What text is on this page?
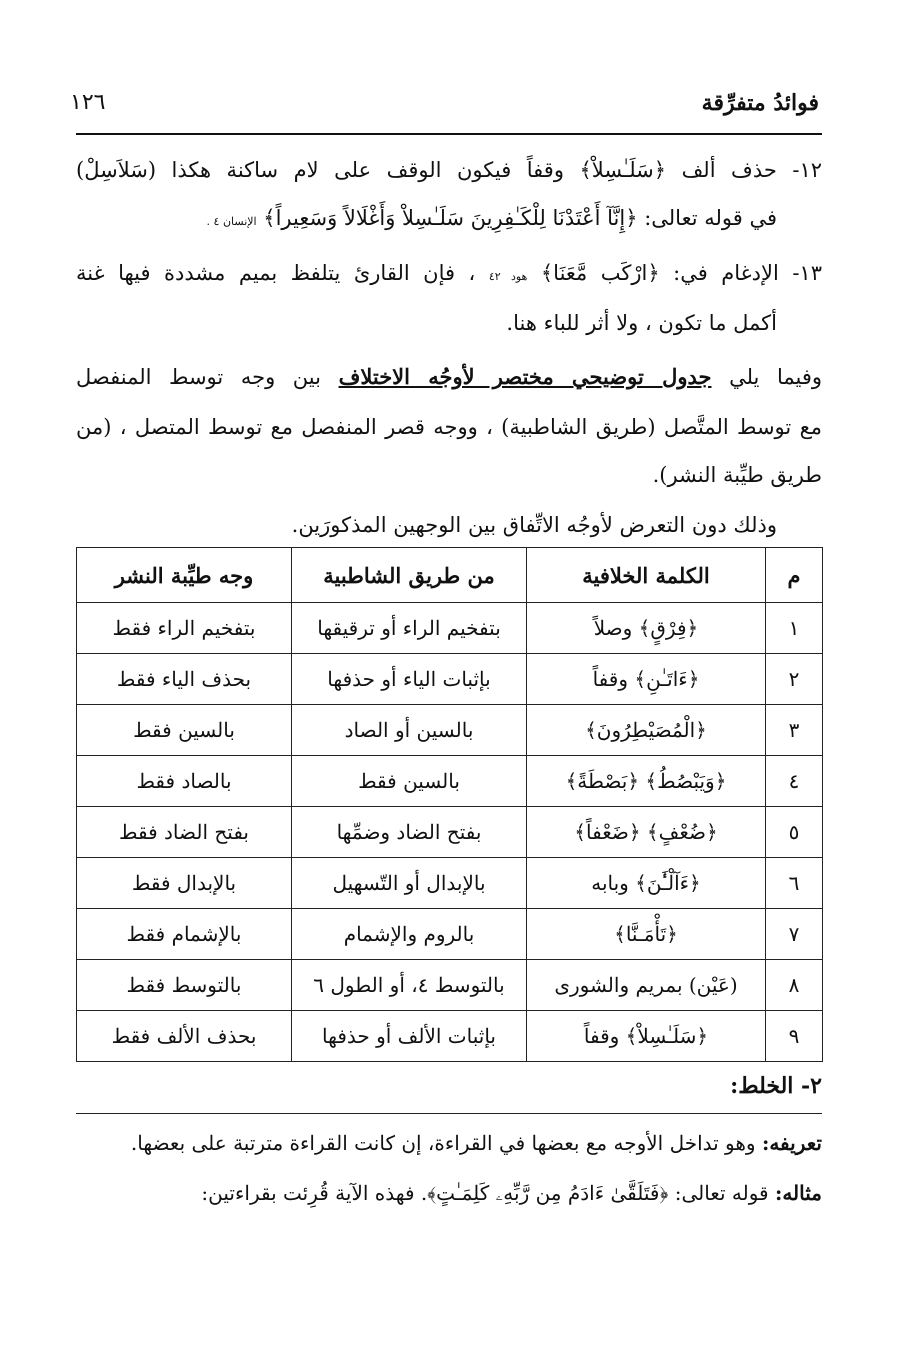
فوائدُ متفرِّقة
١٢٦
١٢- حذف ألف ﴿سَلَـٰسِلاْ﴾ وقفاً فيكون الوقف على لام ساكنة هكذا (سَلاَسِلْ)
في قوله تعالى: ﴿إِنَّآ أَعْتَدْنَا لِلْكَـٰفِرِينَ سَلَـٰسِلاْ وَأَغْلَالاً وَسَعِيراً﴾ الإنسان ٤ .
١٣- الإدغام في: ﴿ارْكَب مَّعَنَا﴾ هود ٤٢ ، فإن القارئ يتلفظ بميم مشددة فيها غنة
أكمل ما تكون ، ولا أثر للباء هنا.
وفيما يلي جدول توضيحي مختصر لأوجُه الاختلاف بين وجه توسط المنفصل
مع توسط المتَّصل (طريق الشاطبية) ، ووجه قصر المنفصل مع توسط المتصل ، (من
طريق طيِّبة النشر).
وذلك دون التعرض لأوجُه الاتِّفاق بين الوجهين المذكورَين.
م	الكلمة الخلافية	من طريق الشاطبية	وجه طيِّبة النشر
١	﴿فِرْقٍ﴾ وصلاً	بتفخيم الراء أو ترقيقها	بتفخيم الراء فقط
٢	﴿ءَاتَـٰنِ﴾ وقفاً	بإثبات الياء أو حذفها	بحذف الياء فقط
٣	﴿الْمُصَيْطِرُونَ﴾	بالسين أو الصاد	بالسين فقط
٤	﴿وَيَبْصُطُ﴾ ﴿بَصْطَةً﴾	بالسين فقط	بالصاد فقط
٥	﴿ضُعْفٍ﴾ ﴿ضَعْفاً﴾	بفتح الضاد وضمِّها	بفتح الضاد فقط
٦	﴿ءَآلْـَٰٔنَ﴾ وبابه	بالإبدال أو التّسهيل	بالإبدال فقط
٧	﴿تَأْمَـنَّا﴾	بالروم والإشمام	بالإشمام فقط
٨	(عَيْن) بمريم والشورى	بالتوسط ٤، أو الطول ٦	بالتوسط فقط
٩	﴿سَلَـٰسِلاْ﴾ وقفاً	بإثبات الألف أو حذفها	بحذف الألف فقط
٢- الخلط:
تعريفه: وهو تداخل الأوجه مع بعضها في القراءة، إن كانت القراءة مترتبة على بعضها.
مثاله: قوله تعالى: ﴿فَتَلَقَّىٰ ءَادَمُ مِن رَّبِّهِۦ كَلِمَـٰتٍ﴾. فهذه الآية قُرِئت بقراءتين:
